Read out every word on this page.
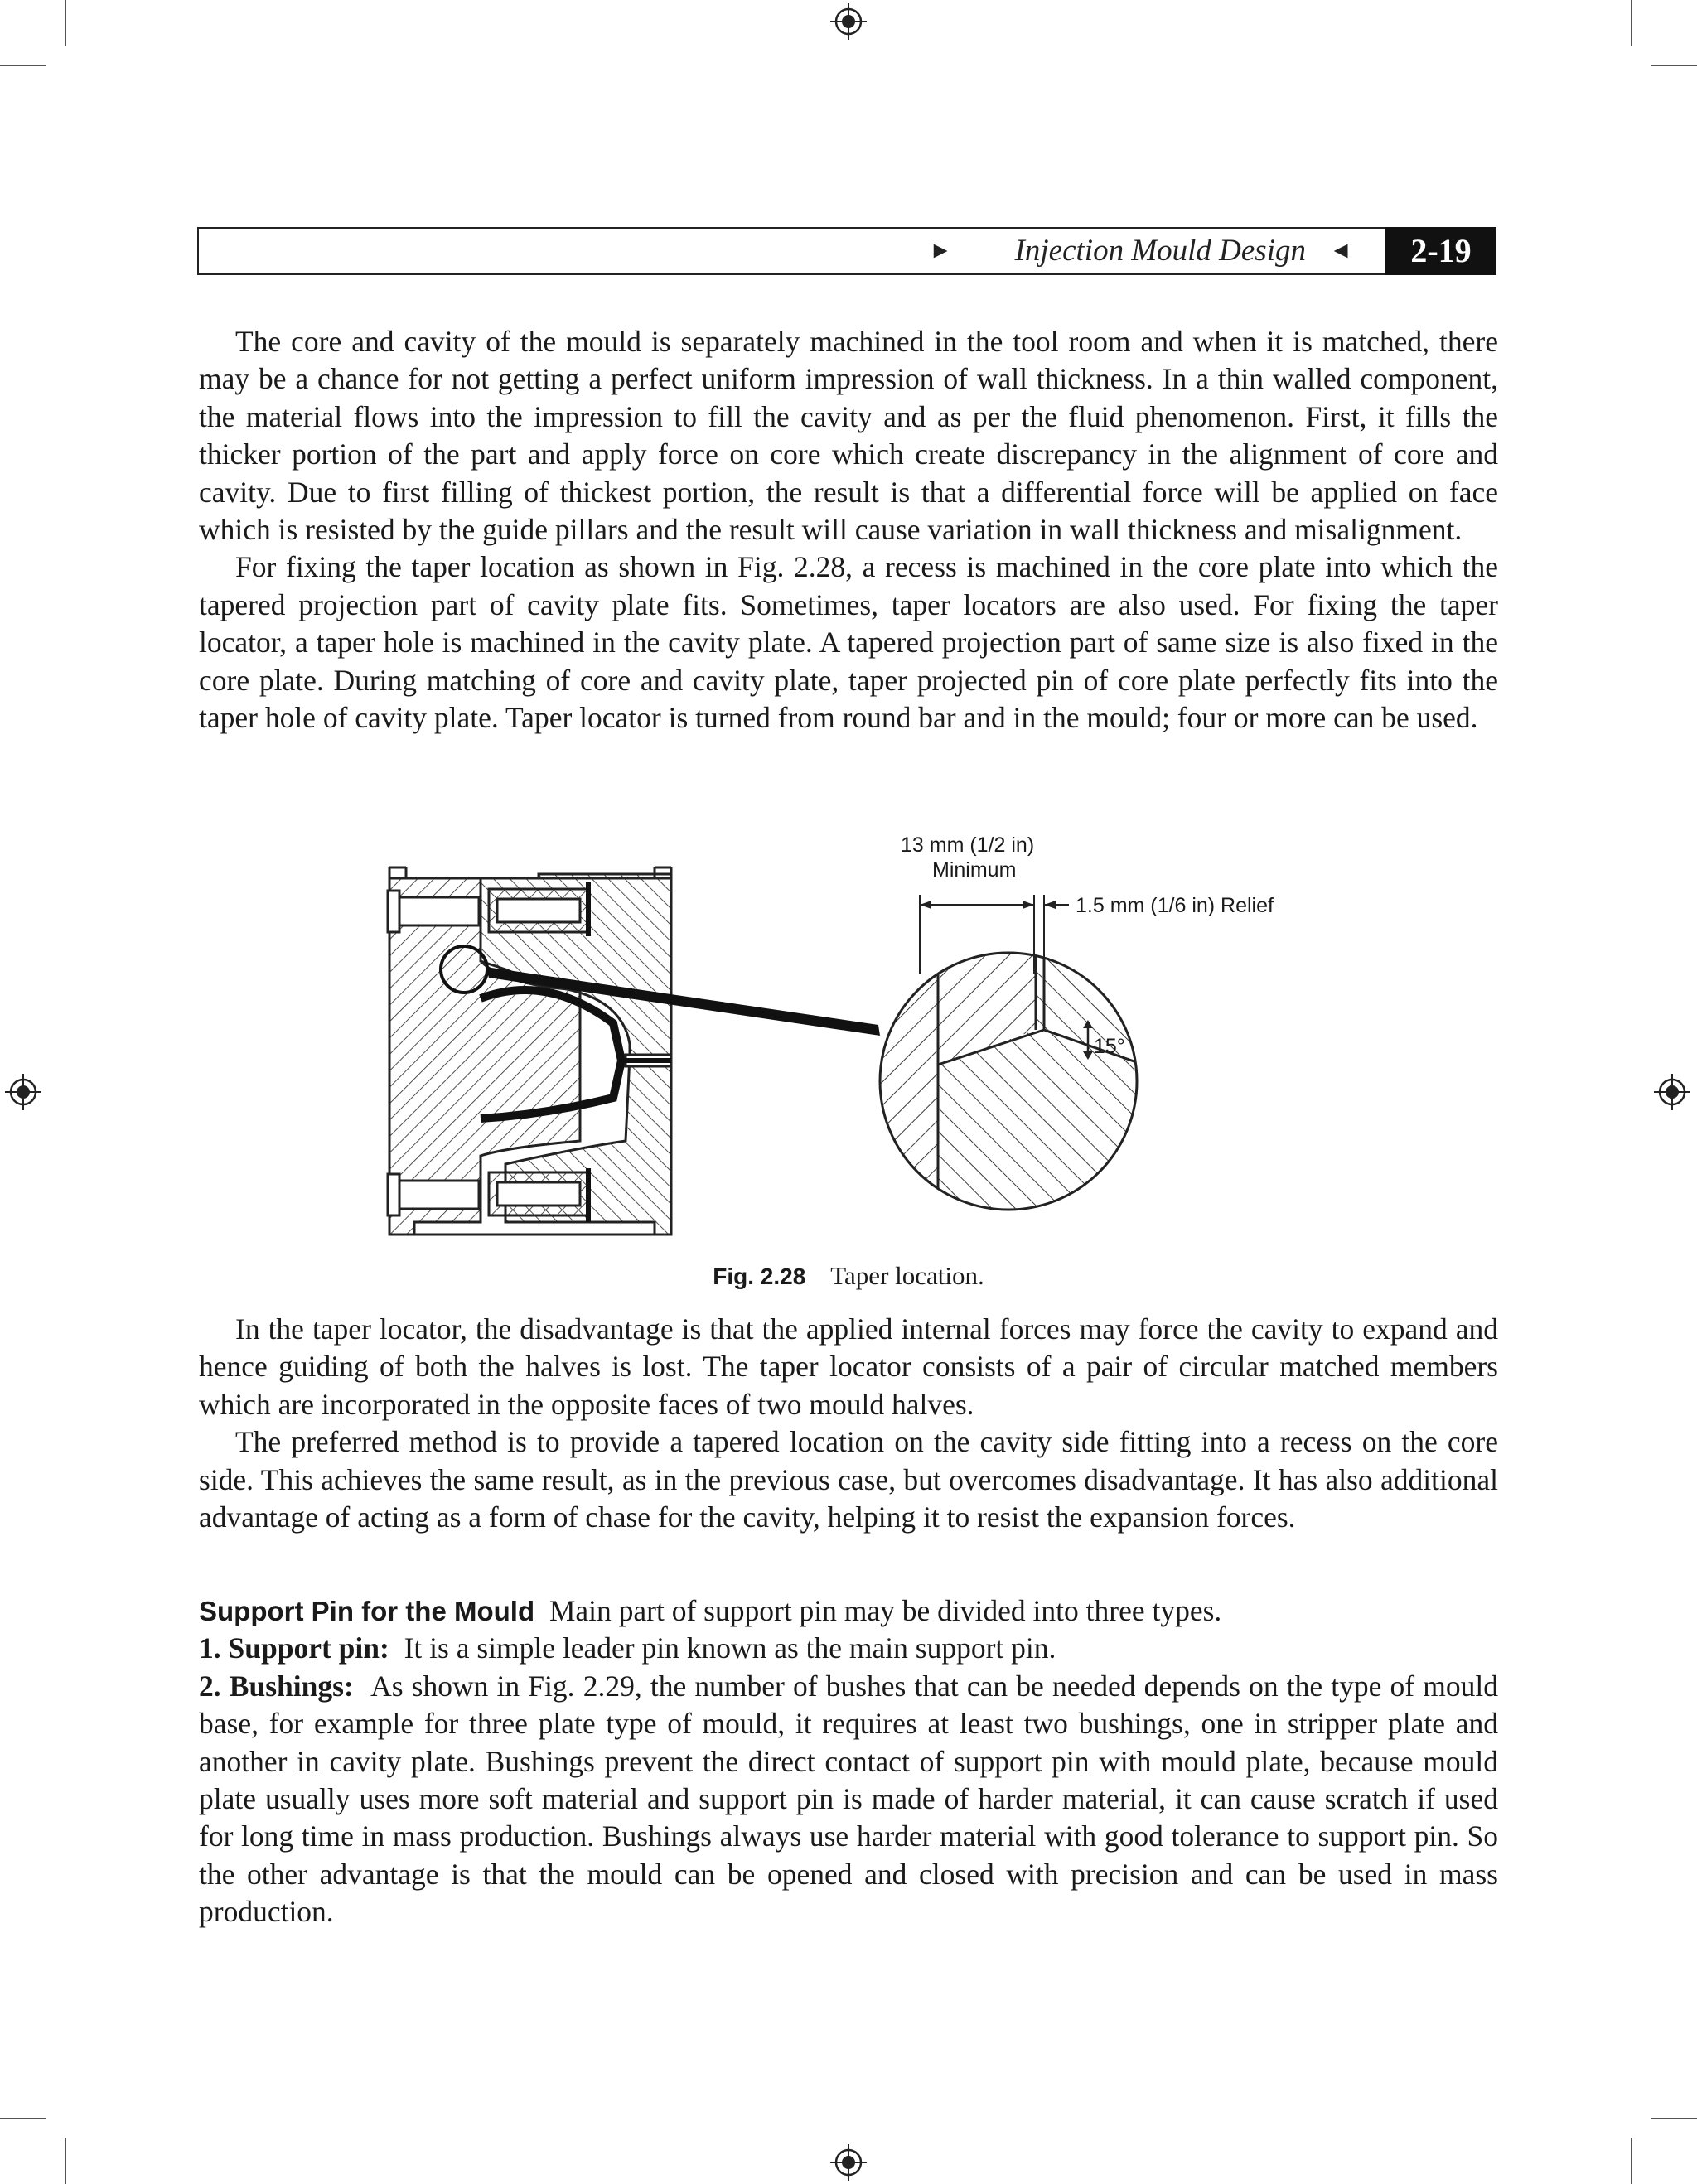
► Injection Mould Design ◄	2-19

The core and cavity of the mould is separately machined in the tool room and when it is matched, there may be a chance for not getting a perfect uniform impression of wall thickness. In a thin walled component, the material flows into the impression to fill the cavity and as per the fluid phenomenon. First, it fills the thicker portion of the part and apply force on core which create discrepancy in the alignment of core and cavity. Due to first filling of thickest portion, the result is that a differential force will be applied on face which is resisted by the guide pillars and the result will cause variation in wall thickness and misalignment.

For fixing the taper location as shown in Fig. 2.28, a recess is machined in the core plate into which the tapered projection part of cavity plate fits. Sometimes, taper locators are also used. For fixing the taper locator, a taper hole is machined in the cavity plate. A tapered projection part of same size is also fixed in the core plate. During matching of core and cavity plate, taper projected pin of core plate perfectly fits into the taper hole of cavity plate. Taper locator is turned from round bar and in the mould; four or more can be used.

15°
13 mm (1/2 in)
Minimum
1.5 mm (1/6 in) Relief
Fig. 2.28 Taper location.

In the taper locator, the disadvantage is that the applied internal forces may force the cavity to expand and hence guiding of both the halves is lost. The taper locator consists of a pair of circular matched members which are incorporated in the opposite faces of two mould halves.

The preferred method is to provide a tapered location on the cavity side fitting into a recess on the core side. This achieves the same result, as in the previous case, but overcomes disadvantage. It has also additional advantage of acting as a form of chase for the cavity, helping it to resist the expansion forces.

Support Pin for the Mould Main part of support pin may be divided into three types.

1. Support pin: It is a simple leader pin known as the main support pin.

2. Bushings: As shown in Fig. 2.29, the number of bushes that can be needed depends on the type of mould base, for example for three plate type of mould, it requires at least two bushings, one in stripper plate and another in cavity plate. Bushings prevent the direct contact of support pin with mould plate, because mould plate usually uses more soft material and support pin is made of harder material, it can cause scratch if used for long time in mass production. Bushings always use harder material with good tolerance to support pin. So the other advantage is that the mould can be opened and closed with precision and can be used in mass production.
